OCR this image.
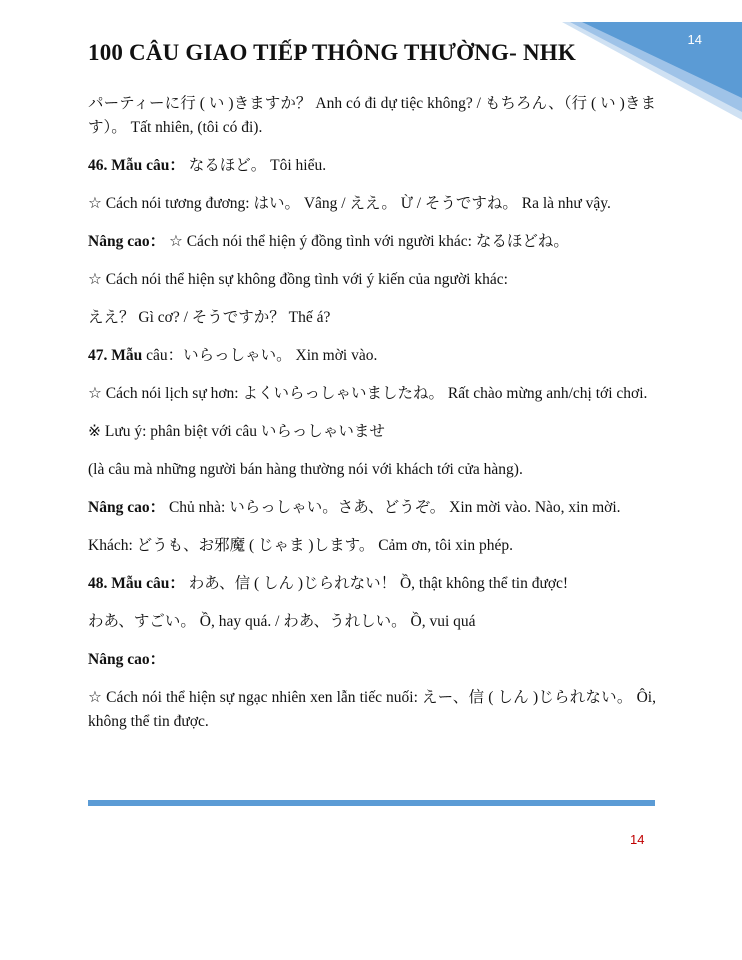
14
100 CÂU GIAO TIẾP THÔNG THƯỜNG- NHK

パーティーに行 ( い )きますか？ Anh có đi dự tiệc không? / もちろん、（行 ( い )きます）。 Tất nhiên, (tôi có đi).

46. Mẫu câu： なるほど。 Tôi hiểu.

☆ Cách nói tương đương: はい。 Vâng / ええ。 Ừ / そうですね。 Ra là như vậy.

Nâng cao： ☆ Cách nói thể hiện ý đồng tình với người khác: なるほどね。

☆ Cách nói thể hiện sự không đồng tình với ý kiến của người khác:

ええ？ Gì cơ? / そうですか？ Thế á?

47. Mẫu câu：いらっしゃい。 Xin mời vào.

☆ Cách nói lịch sự hơn: よくいらっしゃいましたね。 Rất chào mừng anh/chị tới chơi.

※ Lưu ý: phân biệt với câu いらっしゃいませ

(là câu mà những người bán hàng thường nói với khách tới cửa hàng).

Nâng cao： Chủ nhà: いらっしゃい。さあ、どうぞ。 Xin mời vào. Nào, xin mời.

Khách: どうも、お邪魔 ( じゃま )します。 Cảm ơn, tôi xin phép.

48. Mẫu câu： わあ、信 ( しん )じられない！ Ồ, thật không thể tin được!

わあ、すごい。 Ồ, hay quá. / わあ、うれしい。 Ồ, vui quá

Nâng cao：

☆ Cách nói thể hiện sự ngạc nhiên xen lẫn tiếc nuối: えー、信 ( しん )じられない。 Ôi, không thể tin được.

14
